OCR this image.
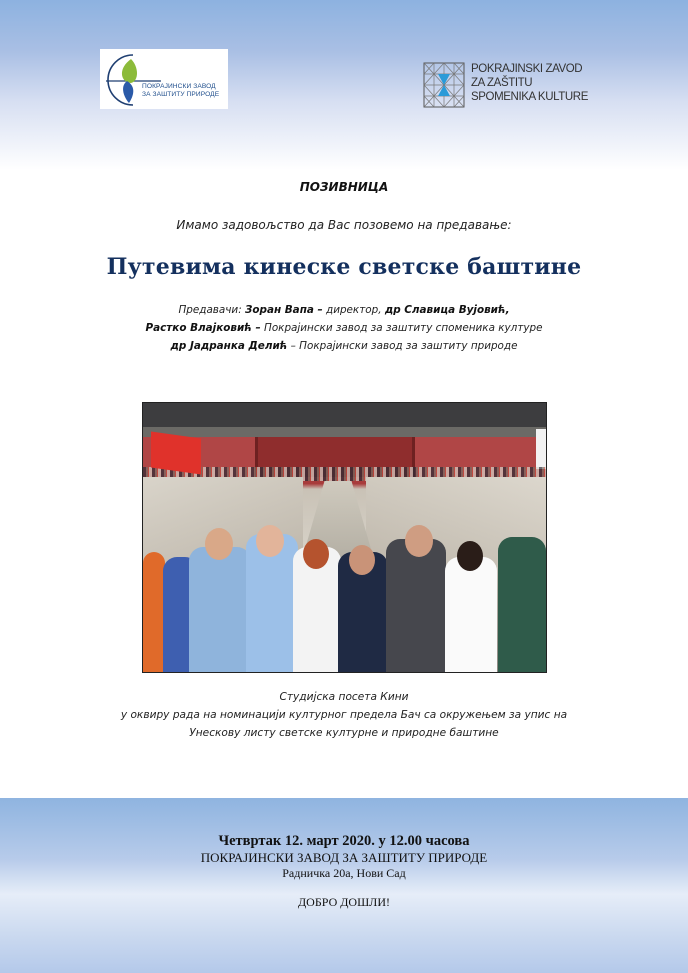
ПОКРАЈИНСКИ ЗАВОД
ЗА ЗАШТИТУ ПРИРОДЕ
POKRAJINSKI ZAVOD
ZA ZAŠTITU
SPOMENIKA KULTURE
ПОЗИВНИЦА
Имамо задовољство да Вас позовемо на предавање:
Путевима кинеске светске баштине
Предавачи: Зоран Вапа – директор, др Славица Вујовић,
Растко Влајковић – Покрајински завод за заштиту споменика културе
др Јадранка Делић – Покрајински завод за заштиту природе
Студијска посета Кини
у оквиру рада на номинацији културног предела Бач са окружењем за упис на
Унескову листу светске културне и природне баштине
Четвртак 12. март 2020. у 12.00 часова
ПОКРАЈИНСКИ ЗАВОД ЗА ЗАШТИТУ ПРИРОДЕ
Радничка 20а, Нови Сад
ДОБРО ДОШЛИ!
